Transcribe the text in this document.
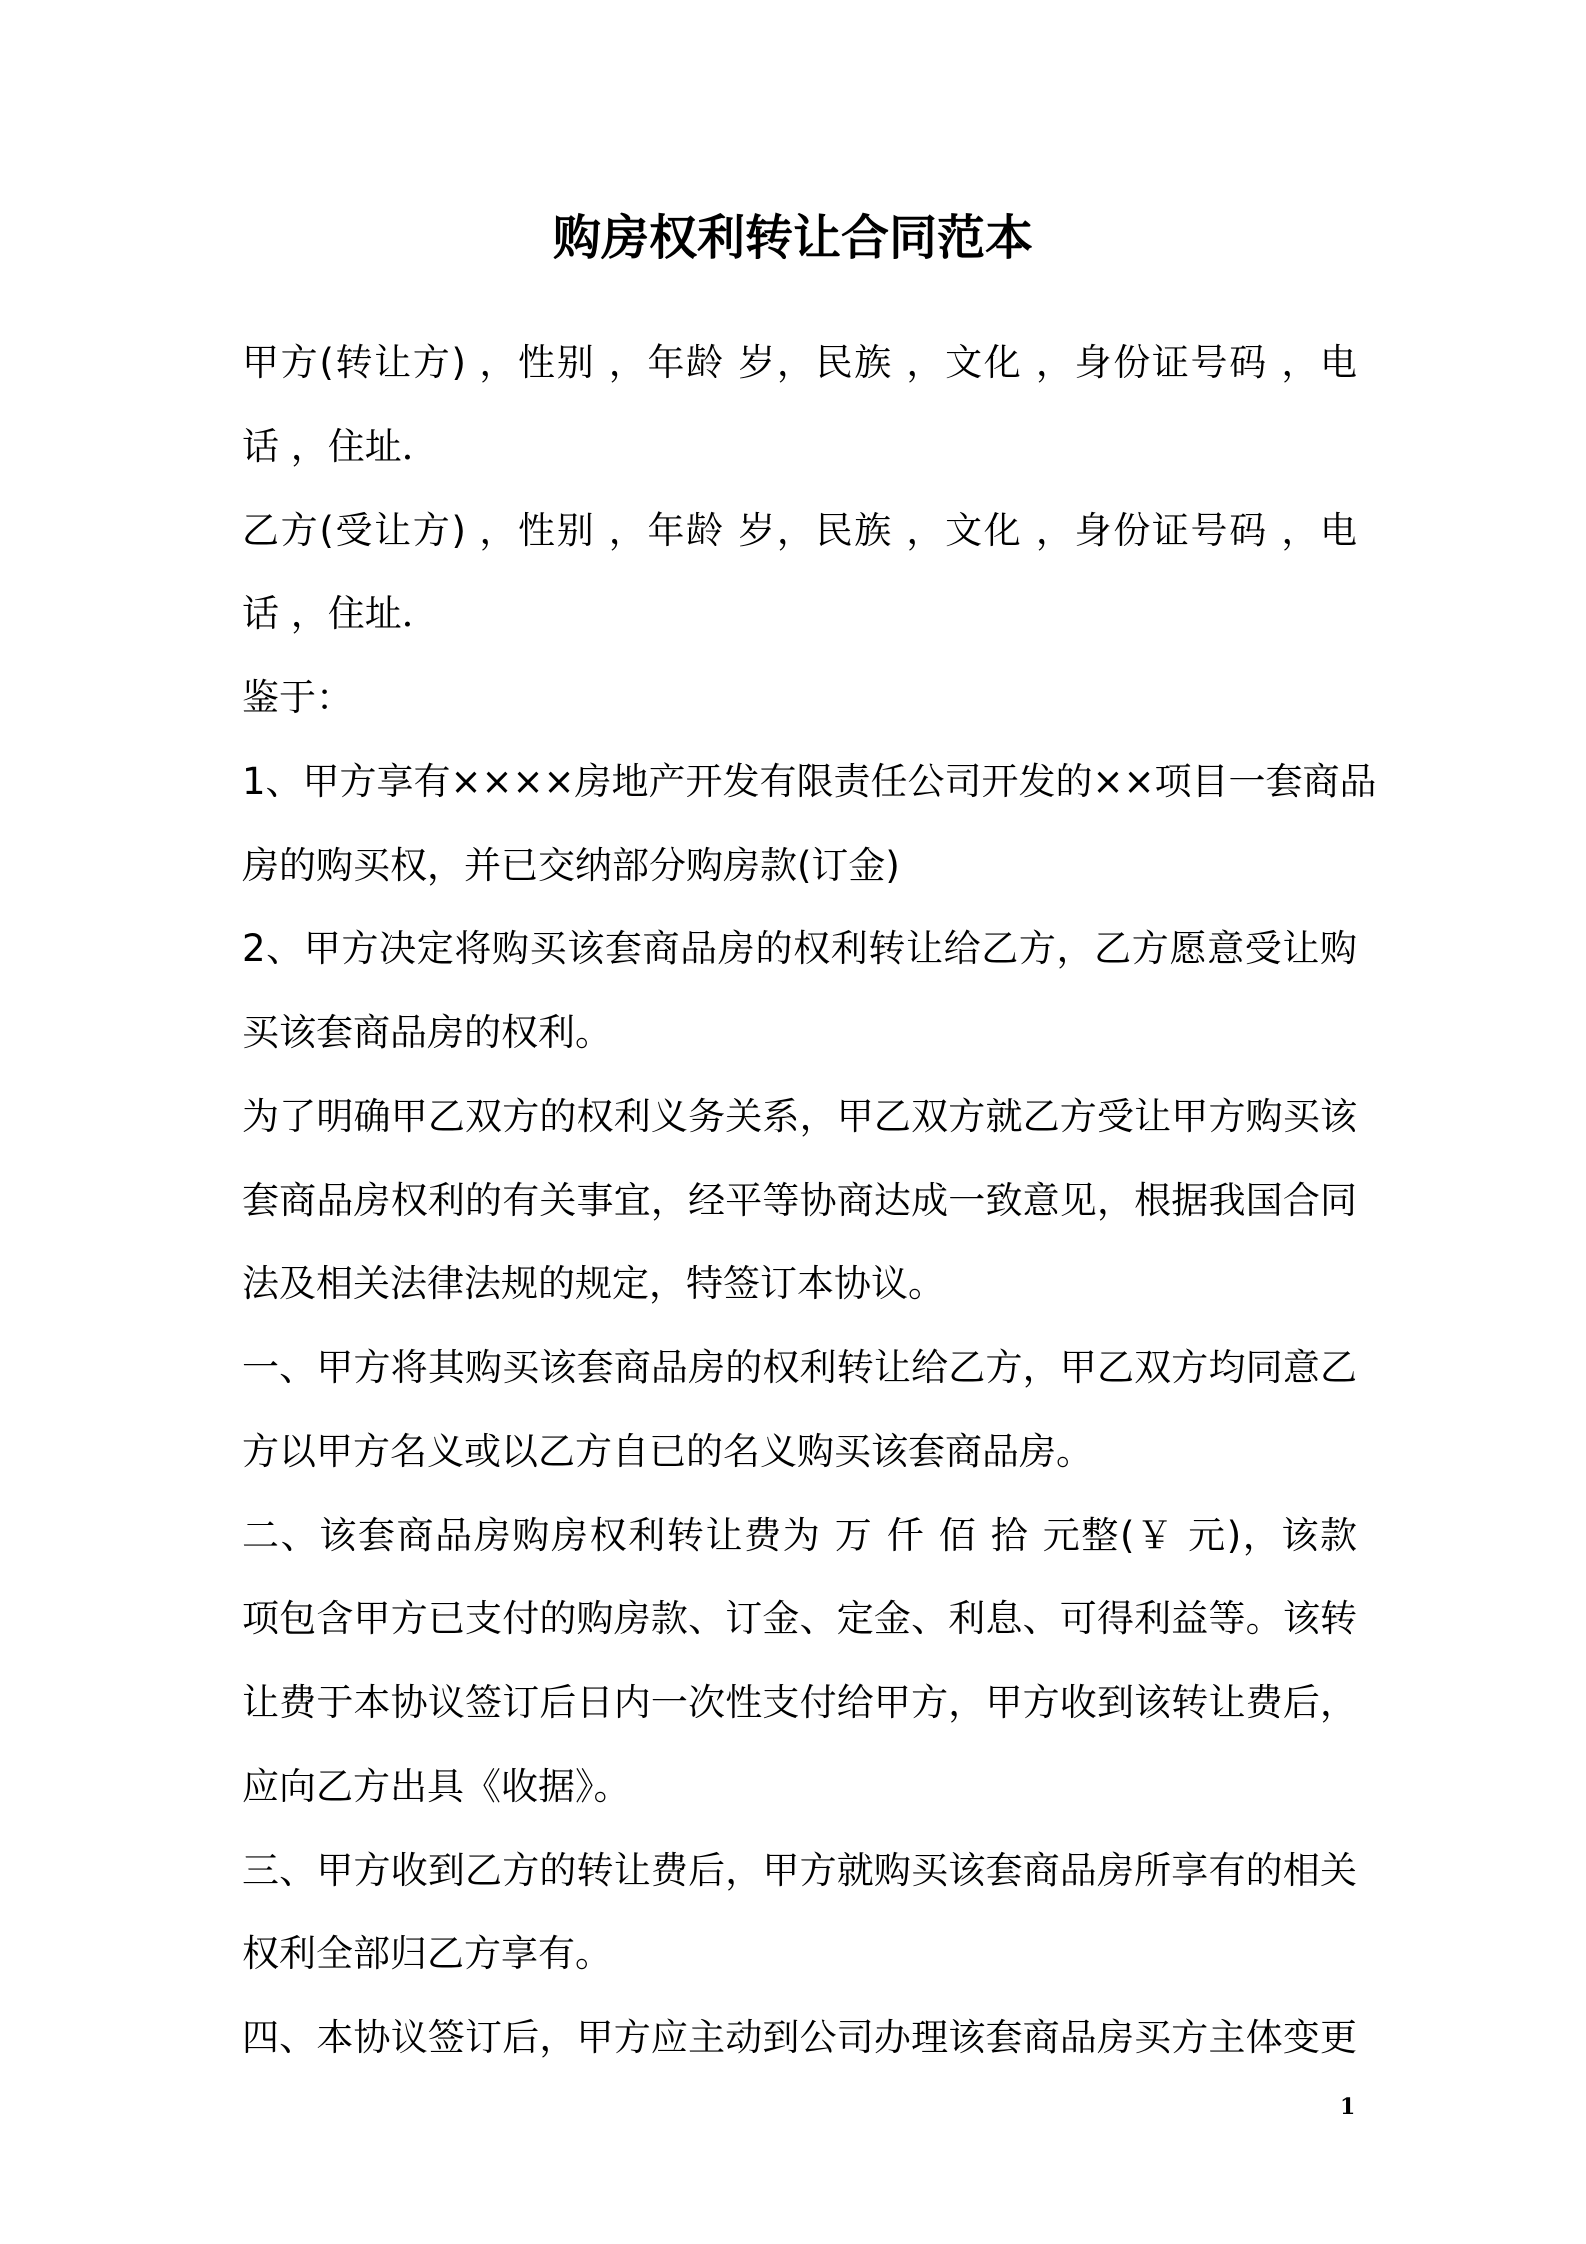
购房权利转让合同范本
甲方(转让方) ，性别 ，年龄 岁，民族 ，文化 ，身份证号码 ，电
话 ，住址．
乙方(受让方) ，性别 ，年龄 岁，民族 ，文化 ，身份证号码 ，电
话 ，住址．
鉴于：
1、甲方享有××××房地产开发有限责任公司开发的××项目一套商品
房的购买权，并已交纳部分购房款(订金)
2、甲方决定将购买该套商品房的权利转让给乙方，乙方愿意受让购
买该套商品房的权利。
为了明确甲乙双方的权利义务关系，甲乙双方就乙方受让甲方购买该
套商品房权利的有关事宜，经平等协商达成一致意见，根据我国合同
法及相关法律法规的规定，特签订本协议。
一、甲方将其购买该套商品房的权利转让给乙方，甲乙双方均同意乙
方以甲方名义或以乙方自已的名义购买该套商品房。
二、该套商品房购房权利转让费为 万 仟 佰 拾 元整(￥ 元)，该款
项包含甲方已支付的购房款、订金、定金、利息、可得利益等。该转
让费于本协议签订后日内一次性支付给甲方，甲方收到该转让费后，
应向乙方出具《收据》。
三、甲方收到乙方的转让费后，甲方就购买该套商品房所享有的相关
权利全部归乙方享有。
四、本协议签订后，甲方应主动到公司办理该套商品房买方主体变更
1
